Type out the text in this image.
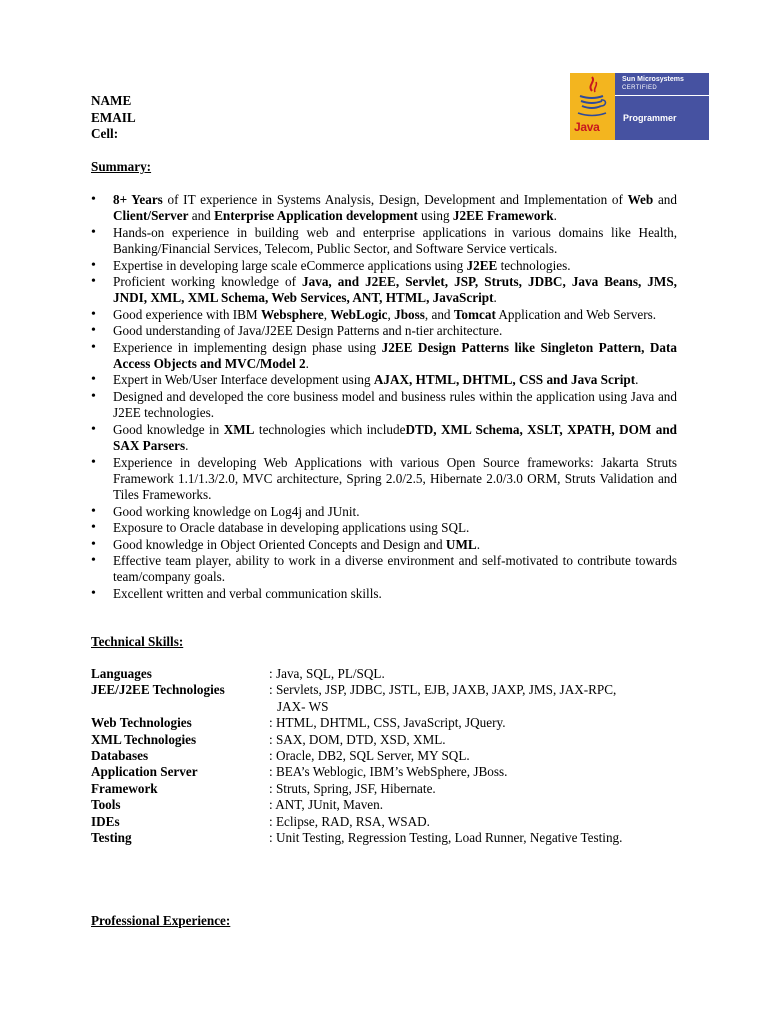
NAME
EMAIL
Cell:	Java
Sun Microsystems
CERTIFIED
Programmer
Summary:
• 8+ Years of IT experience in Systems Analysis, Design, Development and Implementation of Web and Client/Server and Enterprise Application development using J2EE Framework.
• Hands-on experience in building web and enterprise applications in various domains like Health, Banking/Financial Services, Telecom, Public Sector, and Software Service verticals.
• Expertise in developing large scale eCommerce applications using J2EE technologies.
• Proficient working knowledge of Java, and J2EE, Servlet, JSP, Struts, JDBC, Java Beans, JMS, JNDI, XML, XML Schema, Web Services, ANT, HTML, JavaScript.
• Good experience with IBM Websphere, WebLogic, Jboss, and Tomcat Application and Web Servers.
• Good understanding of Java/J2EE Design Patterns and n-tier architecture.
• Experience in implementing design phase using J2EE Design Patterns like Singleton Pattern, Data Access Objects and MVC/Model 2.
• Expert in Web/User Interface development using AJAX, HTML, DHTML, CSS and Java Script.
• Designed and developed the core business model and business rules within the application using Java and J2EE technologies.
• Good knowledge in XML technologies which includeDTD, XML Schema, XSLT, XPATH, DOM and SAX Parsers.
• Experience in developing Web Applications with various Open Source frameworks: Jakarta Struts Framework 1.1/1.3/2.0, MVC architecture, Spring 2.0/2.5, Hibernate 2.0/3.0 ORM, Struts Validation and Tiles Frameworks.
• Good working knowledge on Log4j and JUnit.
• Exposure to Oracle database in developing applications using SQL.
• Good knowledge in Object Oriented Concepts and Design and UML.
• Effective team player, ability to work in a diverse environment and self-motivated to contribute towards team/company goals.
• Excellent written and verbal communication skills.
Technical Skills:
Languages	: Java, SQL, PL/SQL.
JEE/J2EE Technologies	: Servlets, JSP, JDBC, JSTL, EJB, JAXB, JAXP, JMS, JAX-RPC,
JAX- WS
Web Technologies	: HTML, DHTML, CSS, JavaScript, JQuery.
XML Technologies	: SAX, DOM, DTD, XSD, XML.
Databases	: Oracle, DB2, SQL Server, MY SQL.
Application Server	: BEA’s Weblogic, IBM’s WebSphere, JBoss.
Framework	: Struts, Spring, JSF, Hibernate.
Tools	: ANT, JUnit, Maven.
IDEs	: Eclipse, RAD, RSA, WSAD.
Testing	: Unit Testing, Regression Testing, Load Runner, Negative Testing.
Professional Experience:
